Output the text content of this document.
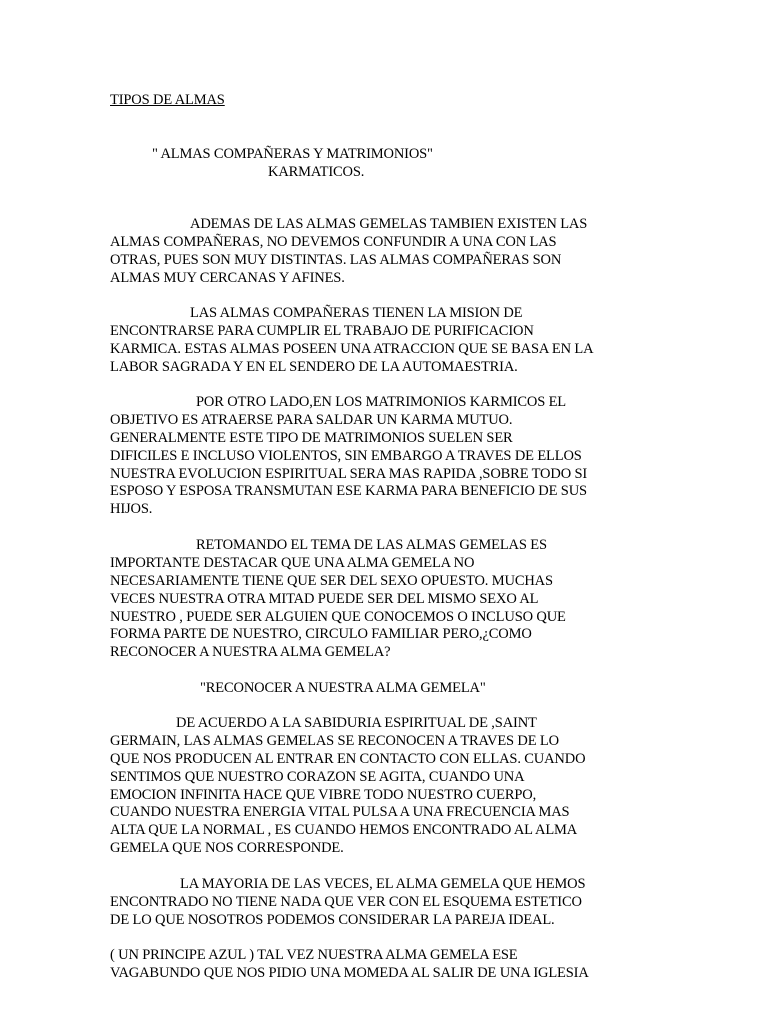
TIPOS DE ALMAS
" ALMAS COMPAÑERAS Y MATRIMONIOS"
KARMATICOS.
ADEMAS DE LAS ALMAS GEMELAS TAMBIEN EXISTEN LAS
ALMAS COMPAÑERAS, NO DEVEMOS CONFUNDIR A UNA CON LAS
OTRAS, PUES SON MUY DISTINTAS. LAS ALMAS COMPAÑERAS SON
ALMAS MUY CERCANAS Y AFINES.
LAS ALMAS COMPAÑERAS TIENEN LA MISION DE
ENCONTRARSE PARA CUMPLIR EL TRABAJO DE PURIFICACION
KARMICA. ESTAS ALMAS POSEEN UNA ATRACCION QUE SE BASA EN LA
LABOR SAGRADA Y EN EL SENDERO DE LA AUTOMAESTRIA.
POR OTRO LADO,EN LOS MATRIMONIOS KARMICOS EL
OBJETIVO ES ATRAERSE PARA SALDAR UN KARMA MUTUO.
GENERALMENTE ESTE TIPO DE MATRIMONIOS SUELEN SER
DIFICILES E INCLUSO VIOLENTOS, SIN EMBARGO A TRAVES DE ELLOS
NUESTRA EVOLUCION ESPIRITUAL SERA MAS RAPIDA ,SOBRE TODO SI
ESPOSO Y ESPOSA TRANSMUTAN ESE KARMA PARA BENEFICIO DE SUS
HIJOS.
RETOMANDO EL TEMA DE LAS ALMAS GEMELAS ES
IMPORTANTE DESTACAR QUE UNA ALMA GEMELA NO
NECESARIAMENTE TIENE QUE SER DEL SEXO OPUESTO. MUCHAS
VECES NUESTRA OTRA MITAD PUEDE SER DEL MISMO SEXO AL
NUESTRO , PUEDE SER ALGUIEN QUE CONOCEMOS O INCLUSO QUE
FORMA PARTE DE NUESTRO, CIRCULO FAMILIAR PERO,¿COMO
RECONOCER A NUESTRA ALMA GEMELA?
"RECONOCER A NUESTRA ALMA GEMELA"
DE ACUERDO A LA SABIDURIA ESPIRITUAL DE ,SAINT
GERMAIN, LAS ALMAS GEMELAS SE RECONOCEN A TRAVES DE LO
QUE NOS PRODUCEN AL ENTRAR EN CONTACTO CON ELLAS. CUANDO
SENTIMOS QUE NUESTRO CORAZON SE AGITA, CUANDO UNA
EMOCION INFINITA HACE QUE VIBRE TODO NUESTRO CUERPO,
CUANDO NUESTRA ENERGIA VITAL PULSA A UNA FRECUENCIA MAS
ALTA QUE LA NORMAL , ES CUANDO HEMOS ENCONTRADO AL ALMA
GEMELA QUE NOS CORRESPONDE.
LA MAYORIA DE LAS VECES, EL ALMA GEMELA QUE HEMOS
ENCONTRADO NO TIENE NADA QUE VER CON EL ESQUEMA ESTETICO
DE LO QUE NOSOTROS PODEMOS CONSIDERAR LA PAREJA IDEAL.
( UN PRINCIPE AZUL ) TAL VEZ NUESTRA ALMA GEMELA ESE
VAGABUNDO QUE NOS PIDIO UNA MOMEDA AL SALIR DE UNA IGLESIA
